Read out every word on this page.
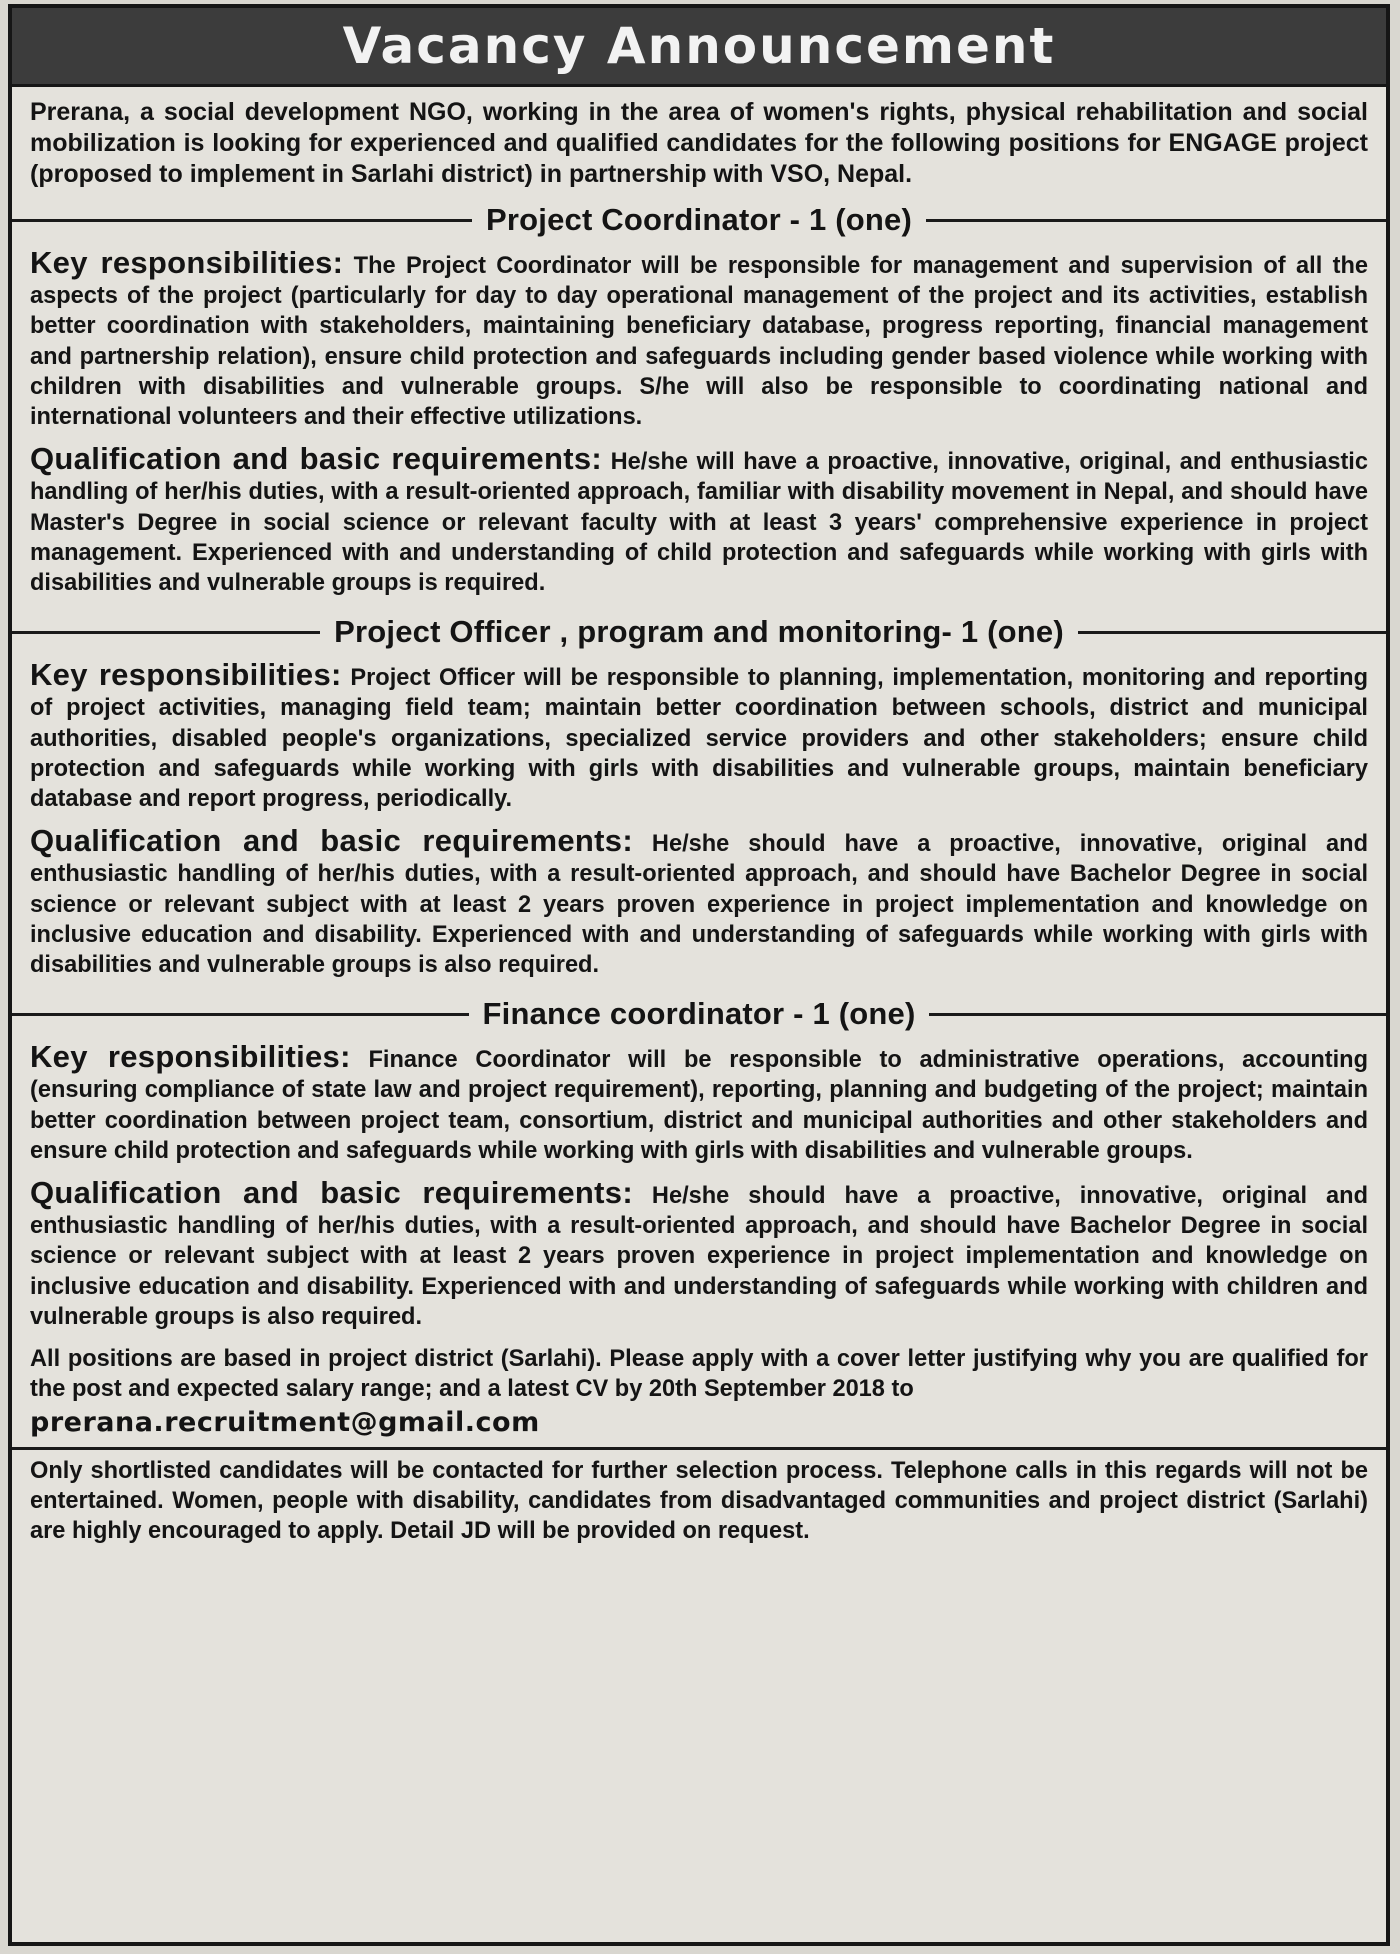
Vacancy Announcement

Prerana, a social development NGO, working in the area of women's rights, physical rehabilitation and social mobilization is looking for experienced and qualified candidates for the following positions for ENGAGE project (proposed to implement in Sarlahi district) in partnership with VSO, Nepal.

Project Coordinator - 1 (one)

Key responsibilities: The Project Coordinator will be responsible for management and supervision of all the aspects of the project (particularly for day to day operational management of the project and its activities, establish better coordination with stakeholders, maintaining beneficiary database, progress reporting, financial management and partnership relation), ensure child protection and safeguards including gender based violence while working with children with disabilities and vulnerable groups. S/he will also be responsible to coordinating national and international volunteers and their effective utilizations.

Qualification and basic requirements: He/she will have a proactive, innovative, original, and enthusiastic handling of her/his duties, with a result-oriented approach, familiar with disability movement in Nepal, and should have Master's Degree in social science or relevant faculty with at least 3 years' comprehensive experience in project management. Experienced with and understanding of child protection and safeguards while working with girls with disabilities and vulnerable groups is required.

Project Officer , program and monitoring- 1 (one)

Key responsibilities: Project Officer will be responsible to planning, implementation, monitoring and reporting of project activities, managing field team; maintain better coordination between schools, district and municipal authorities, disabled people's organizations, specialized service providers and other stakeholders; ensure child protection and safeguards while working with girls with disabilities and vulnerable groups, maintain beneficiary database and report progress, periodically.

Qualification and basic requirements: He/she should have a proactive, innovative, original and enthusiastic handling of her/his duties, with a result-oriented approach, and should have Bachelor Degree in social science or relevant subject with at least 2 years proven experience in project implementation and knowledge on inclusive education and disability. Experienced with and understanding of safeguards while working with girls with disabilities and vulnerable groups is also required.

Finance coordinator - 1 (one)

Key responsibilities: Finance Coordinator will be responsible to administrative operations, accounting (ensuring compliance of state law and project requirement), reporting, planning and budgeting of the project; maintain better coordination between project team, consortium, district and municipal authorities and other stakeholders and ensure child protection and safeguards while working with girls with disabilities and vulnerable groups.

Qualification and basic requirements: He/she should have a proactive, innovative, original and enthusiastic handling of her/his duties, with a result-oriented approach, and should have Bachelor Degree in social science or relevant subject with at least 2 years proven experience in project implementation and knowledge on inclusive education and disability. Experienced with and understanding of safeguards while working with children and vulnerable groups is also required.

All positions are based in project district (Sarlahi). Please apply with a cover letter justifying why you are qualified for the post and expected salary range; and a latest CV by 20th September 2018 to
prerana.recruitment@gmail.com

Only shortlisted candidates will be contacted for further selection process. Telephone calls in this regards will not be entertained. Women, people with disability, candidates from disadvantaged communities and project district (Sarlahi) are highly encouraged to apply. Detail JD will be provided on request.
